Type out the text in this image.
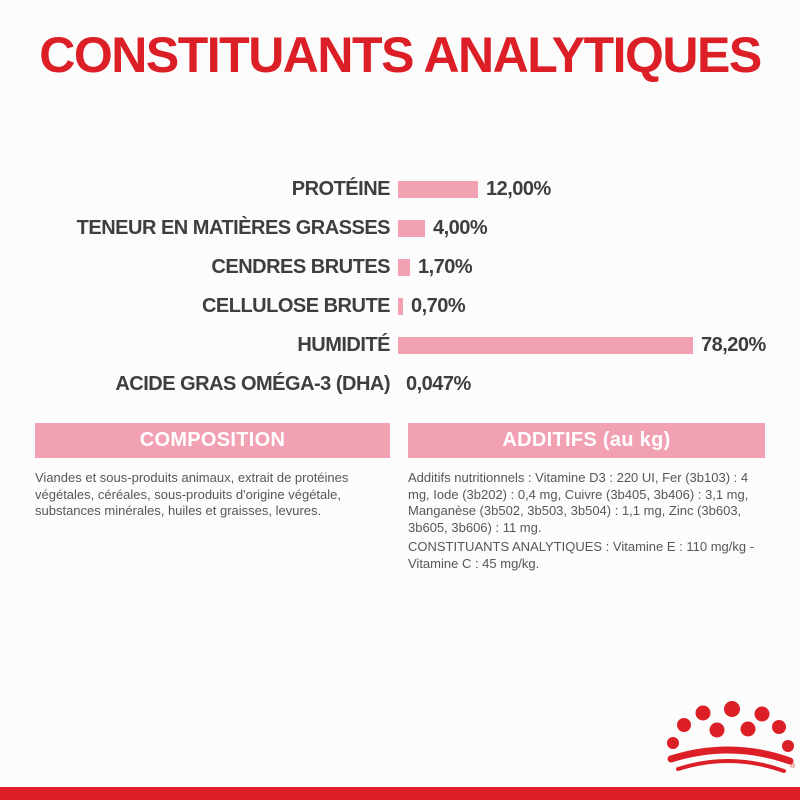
CONSTITUANTS ANALYTIQUES
PROTÉINE	12,00%
TENEUR EN MATIÈRES GRASSES 4,00%
CENDRES BRUTES 1,70%
CELLULOSE BRUTE 0,70%
HUMIDITÉ	78,20%
ACIDE GRAS OMÉGA-3 (DHA) 0,047%
COMPOSITION

Viandes et sous-produits animaux, extrait de protéines végétales, céréales, sous-produits d'origine végétale, substances minérales, huiles et graisses, levures.

ADDITIFS (au kg)

Additifs nutritionnels : Vitamine D3 : 220 UI, Fer (3b103) : 4 mg, Iode (3b202) : 0,4 mg, Cuivre (3b405, 3b406) : 3,1 mg, Manganèse (3b502, 3b503, 3b504) : 1,1 mg, Zinc (3b603, 3b605, 3b606) : 11 mg.

CONSTITUANTS ANALYTIQUES : Vitamine E : 110 mg/kg - Vitamine C : 45 mg/kg.

®
